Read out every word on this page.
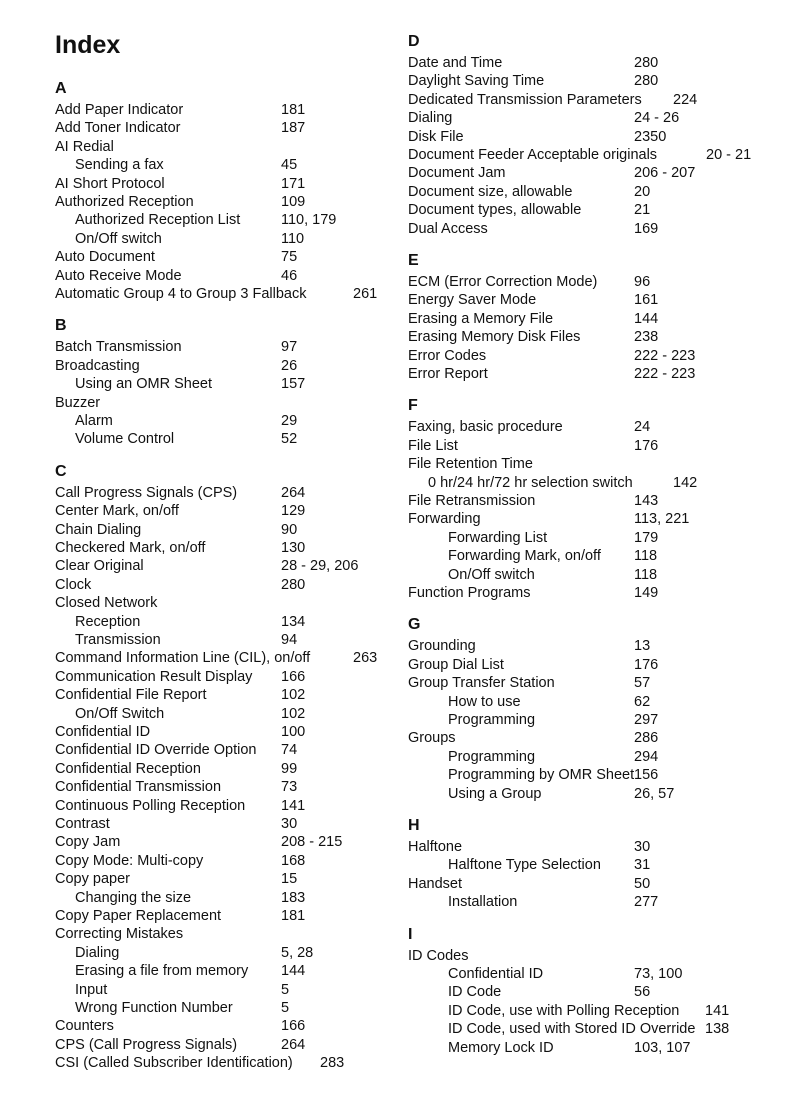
Index
A
Add Paper Indicator	181
Add Toner Indicator	187
AI Redial
Sending a fax	45
AI Short Protocol	171
Authorized Reception	109
Authorized Reception List	110, 179
On/Off switch	110
Auto Document	75
Auto Receive Mode	46
Automatic Group 4 to Group 3 Fallback	261
B
Batch Transmission	97
Broadcasting	26
Using an OMR Sheet	157
Buzzer
Alarm	29
Volume Control	52
C
Call Progress Signals (CPS)	264
Center Mark, on/off	129
Chain Dialing	90
Checkered Mark, on/off	130
Clear Original	28 - 29, 206
Clock	280
Closed Network
Reception	134
Transmission	94
Command Information Line (CIL), on/off	263
Communication Result Display 166
Confidential File Report	102
On/Off Switch	102
Confidential ID	100
Confidential ID Override Option 74
Confidential Reception	99
Confidential Transmission	73
Continuous Polling Reception 141
Contrast	30
Copy Jam	208 - 215
Copy Mode: Multi-copy	168
Copy paper	15
Changing the size	183
Copy Paper Replacement	181
Correcting Mistakes
Dialing	5, 28
Erasing a file from memory 144
Input	5
Wrong Function Number	5
Counters	166
CPS (Call Progress Signals)	264
CSI (Called Subscriber Identification) 283
D
Date and Time	280
Daylight Saving Time	280
Dedicated Transmission Parameters 224
Dialing	24 - 26
Disk File	2350
Document Feeder Acceptable originals	20 - 21
Document Jam	206 - 207
Document size, allowable	20
Document types, allowable	21
Dual Access	169
E
ECM (Error Correction Mode)	96
Energy Saver Mode	161
Erasing a Memory File	144
Erasing Memory Disk Files	238
Error Codes	222 - 223
Error Report	222 - 223
F
Faxing, basic procedure	24
File List	176
File Retention Time
0 hr/24 hr/72 hr selection switch	142
File Retransmission	143
Forwarding	113, 221
Forwarding List	179
Forwarding Mark, on/off 118
On/Off switch	118
Function Programs	149
G
Grounding	13
Group Dial List	176
Group Transfer Station	57
How to use	62
Programming	297
Groups	286
Programming	294
Programming by OMR Sheet 156
Using a Group	26, 57
H
Halftone	30
Halftone Type Selection 31
Handset	50
Installation	277
I
ID Codes
Confidential ID	73, 100
ID Code	56
ID Code, use with Polling Reception 141
ID Code, used with Stored ID Override 138
Memory Lock ID	103, 107
